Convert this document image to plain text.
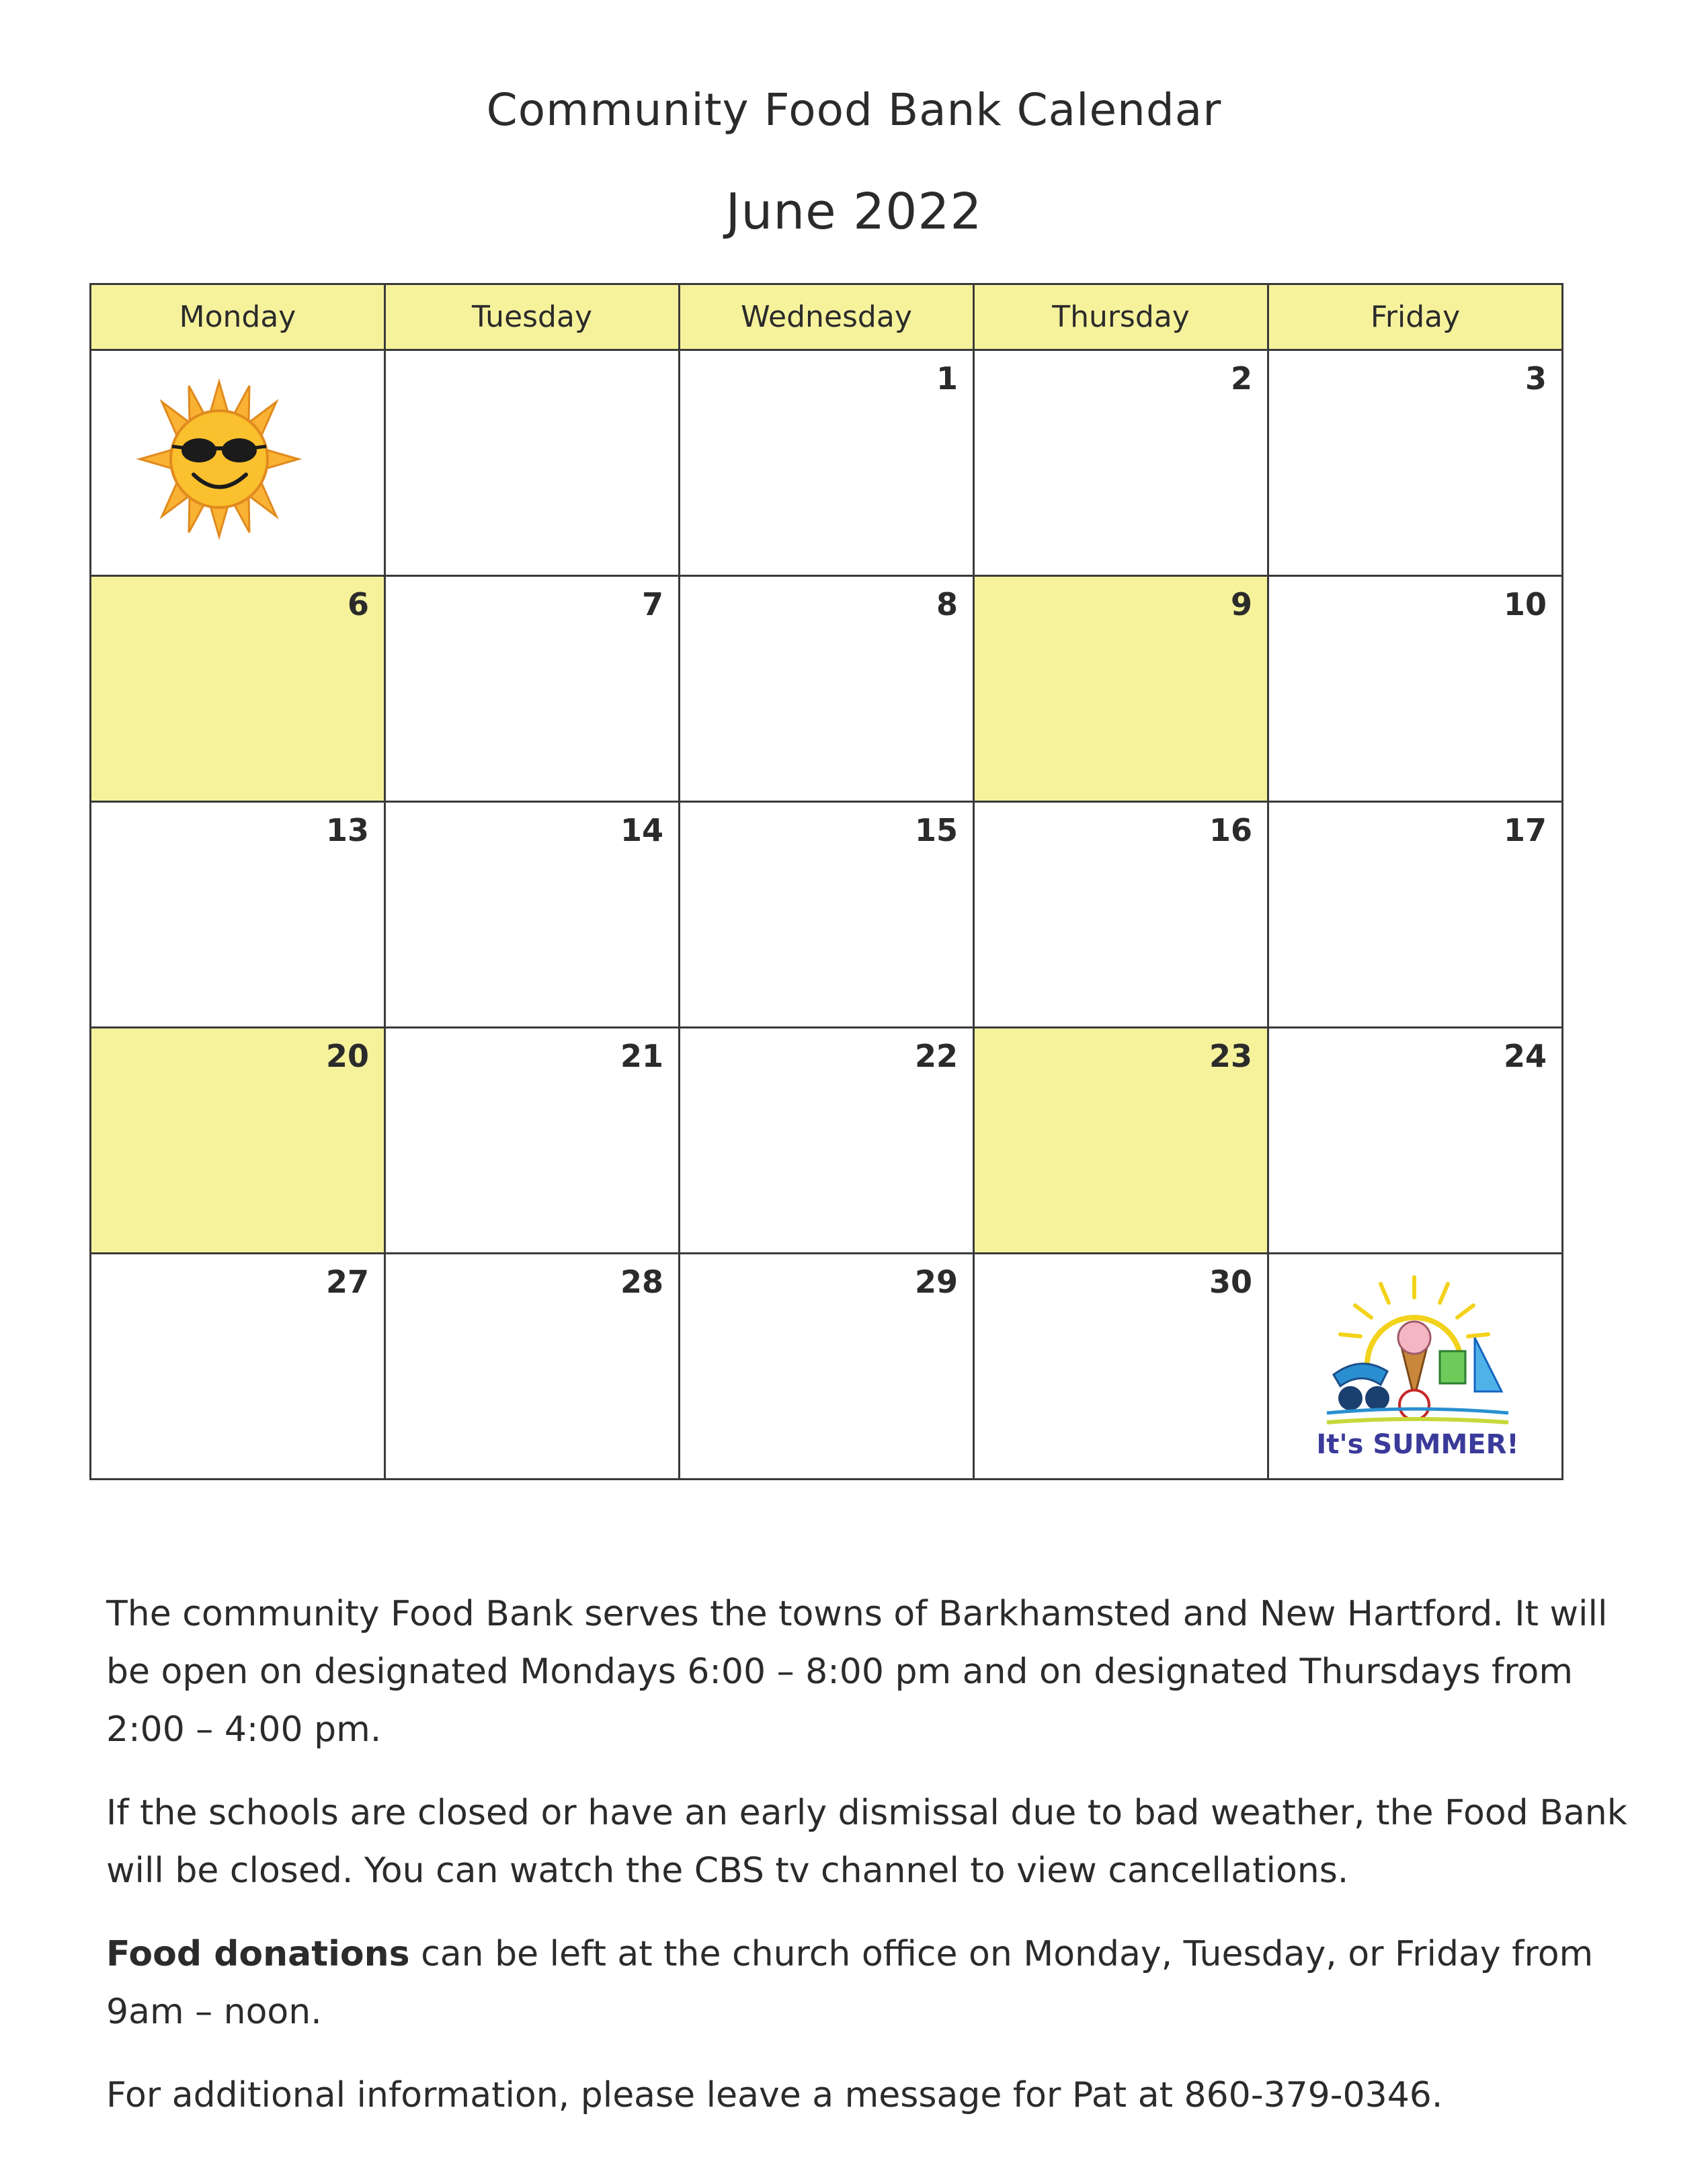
Community Food Bank Calendar
June 2022
Monday	Tuesday	Wednesday	Thursday	Friday

		1	2	3
6	7	8	9	10
13	14	15	16	17
20	21	22	23	24
27	28	29	30	It's SUMMER!

The community Food Bank serves the towns of Barkhamsted and New Hartford. It will be open on designated Mondays 6:00 – 8:00 pm and on designated Thursdays from 2:00 – 4:00 pm.

If the schools are closed or have an early dismissal due to bad weather, the Food Bank will be closed. You can watch the CBS tv channel to view cancellations.

Food donations can be left at the church office on Monday, Tuesday, or Friday from 9am – noon.

For additional information, please leave a message for Pat at 860-379-0346.
